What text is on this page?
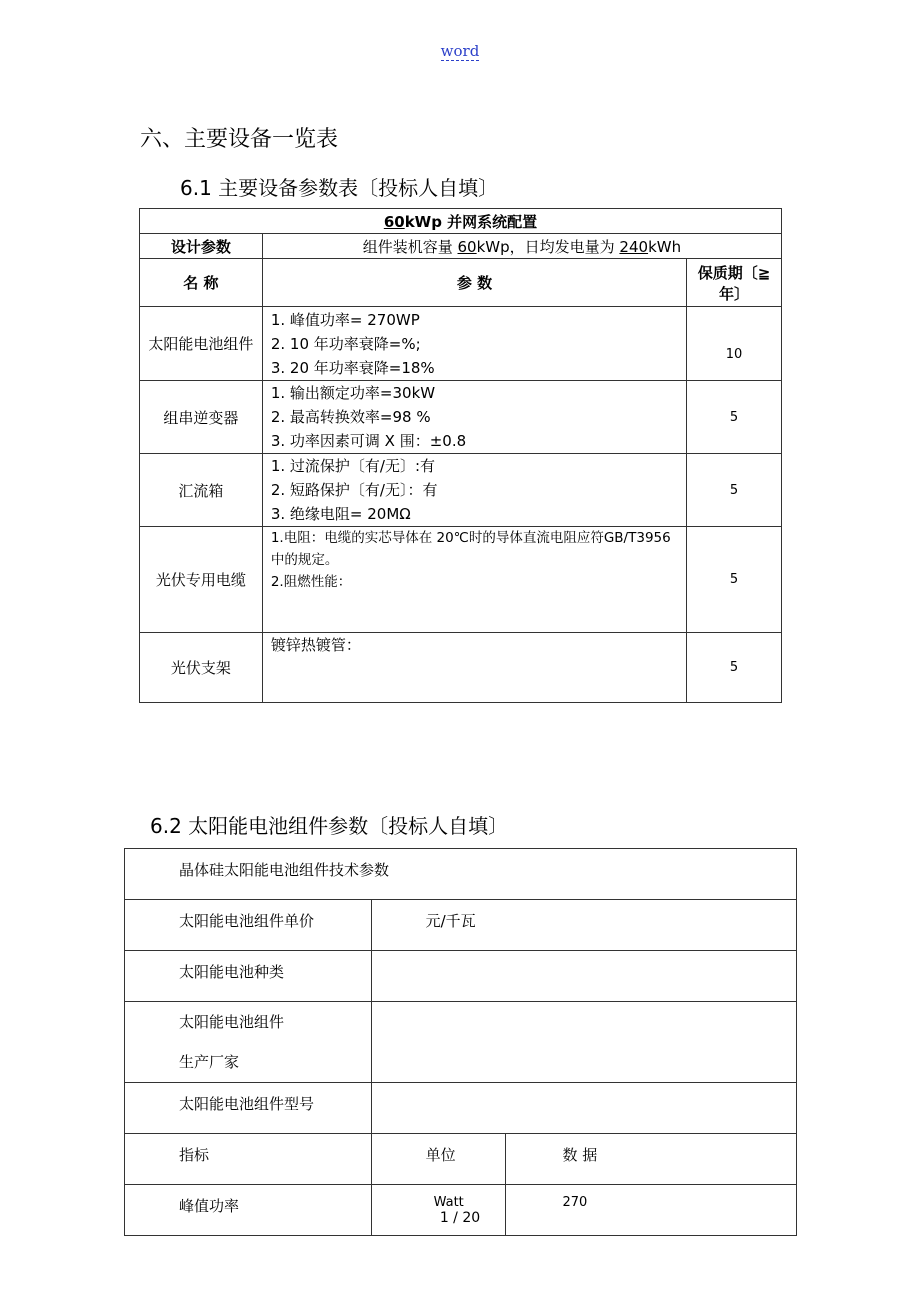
word
六、主要设备一览表
6.1 主要设备参数表〔投标人自填〕
60kWp 并网系统配置		
设计参数	组件装机容量 60kWp，日均发电量为 240kWh	
名 称	参 数	保质期〔≧年〕
太阳能电池组件	1. 峰值功率= 270WP
2. 10 年功率衰降=%;
3. 20 年功率衰降=18%	10
组串逆变器	1. 输出额定功率=30kW
2. 最高转换效率=98 %
3. 功率因素可调 X 围：±0.8	5
汇流箱	1. 过流保护〔有/无〕:有
2. 短路保护〔有/无〕：有
3. 绝缘电阻= 20MΩ	5
光伏专用电缆	1.电阻：电缆的实芯导体在 20℃时的导体直流电阻应符GB/T3956 中的规定。
2.阻燃性能：	5
光伏支架	镀锌热镀管：	5
6.2 太阳能电池组件参数〔投标人自填〕
晶体硅太阳能电池组件技术参数		
太阳能电池组件单价	元/千瓦	
太阳能电池种类		

太阳能电池组件
生产厂家		

太阳能电池组件型号		
指标	单位	数 据
峰值功率	Watt	270
1 / 20
